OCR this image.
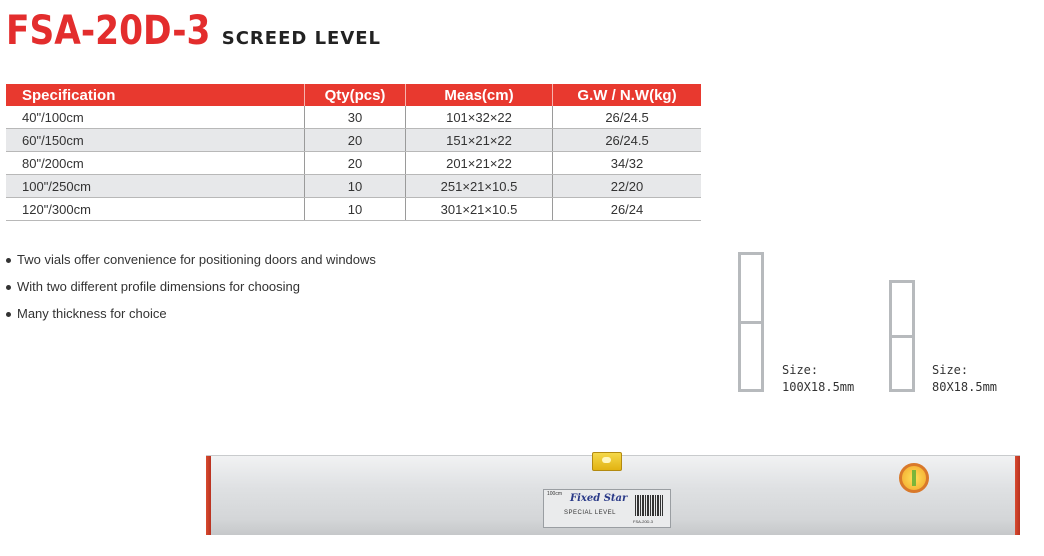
FSA-20D-3 SCREED LEVEL
Specification	Qty(pcs)	Meas(cm)	G.W / N.W(kg)
40"/100cm	30	101×32×22	26/24.5
60"/150cm	20	151×21×22	26/24.5
80"/200cm	20	201×21×22	34/32
100"/250cm	10	251×21×10.5	22/20
120"/300cm	10	301×21×10.5	26/24
Two vials offer convenience for positioning doors and windows
With two different profile dimensions for choosing
Many thickness for choice
Size:
100X18.5mm
Size:
80X18.5mm
100cm Fixed Star
SPECIAL LEVEL
FSA-20D-3
